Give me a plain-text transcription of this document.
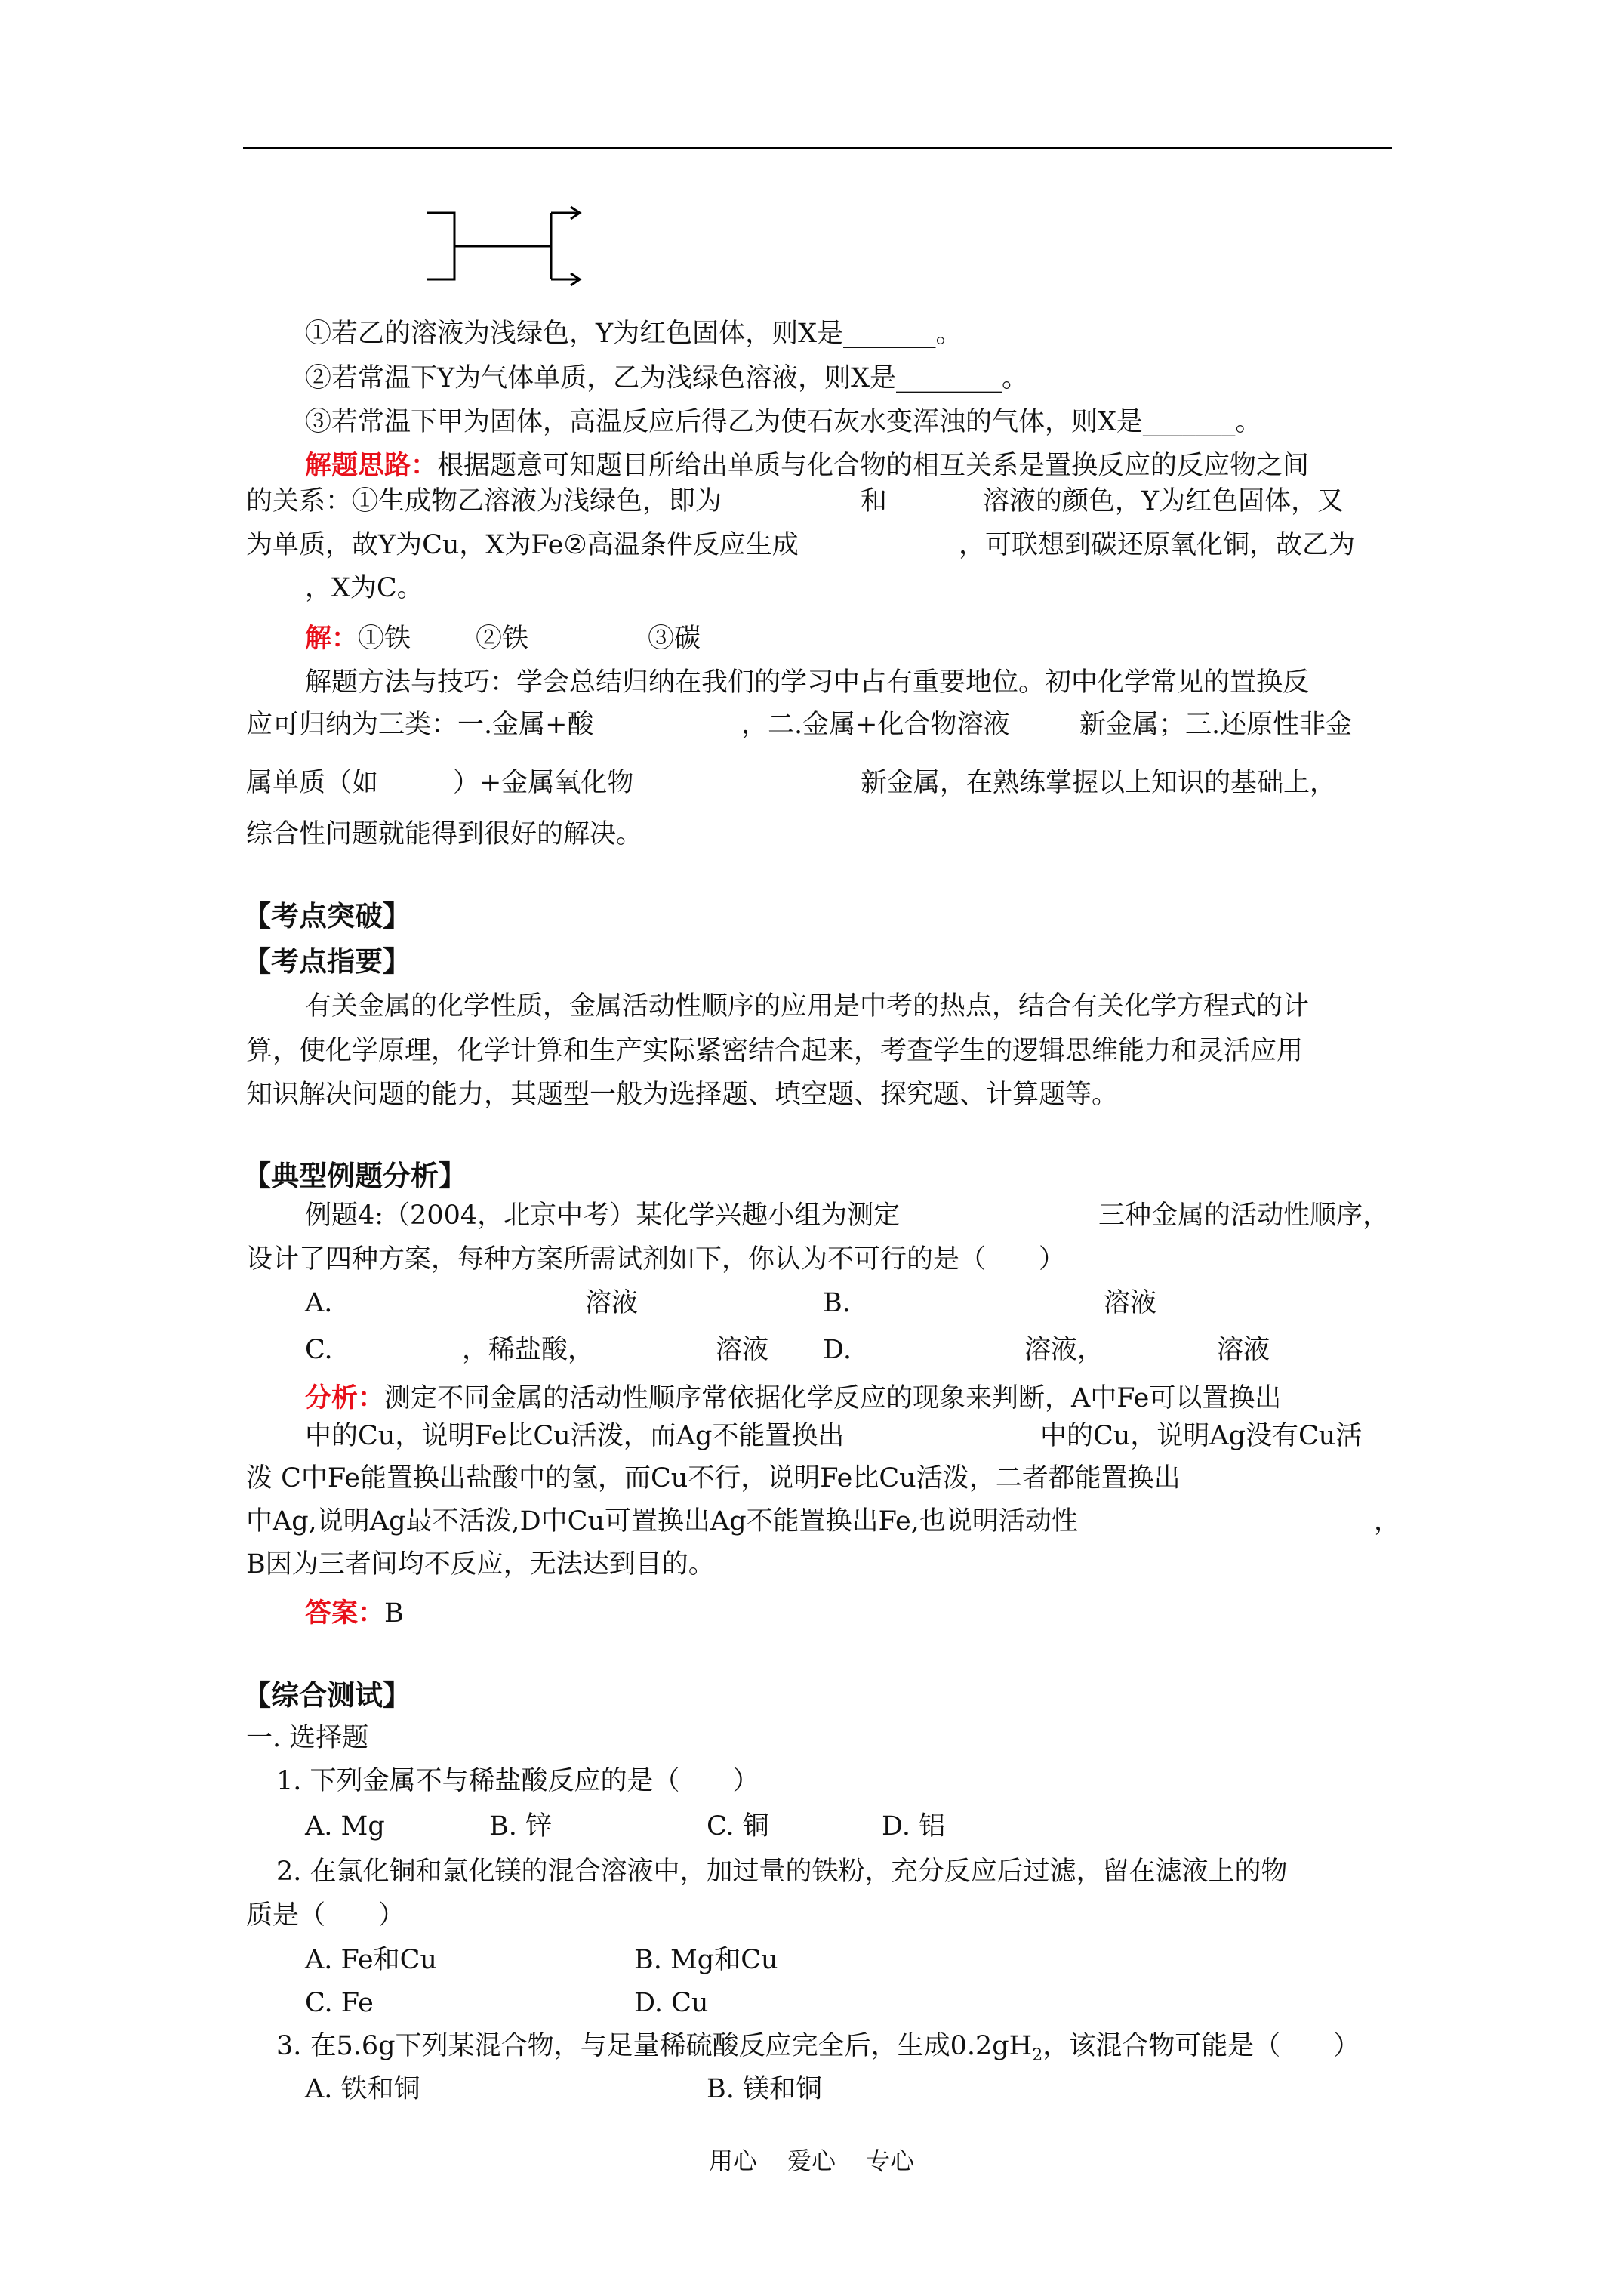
①若乙的溶液为浅绿色，Y为红色固体，则X是_______。
②若常温下Y为气体单质，乙为浅绿色溶液，则X是________。
③若常温下甲为固体，高温反应后得乙为使石灰水变浑浊的气体，则X是_______。
解题思路：根据题意可知题目所给出单质与化合物的相互关系是置换反应的反应物之间
的关系：①生成物乙溶液为浅绿色，即为	和	溶液的颜色，Y为红色固体，又
为单质，故Y为Cu，X为Fe②高温条件反应生成	，可联想到碳还原氧化铜，故乙为
，X为C。
解：①铁 ②铁	③碳
解题方法与技巧：学会总结归纳在我们的学习中占有重要地位。初中化学常见的置换反
应可归纳为三类：一.金属+酸	，二.金属+化合物溶液	新金属；三.还原性非金
属单质（如	）+金属氧化物	新金属，在熟练掌握以上知识的基础上，
综合性问题就能得到很好的解决。
【考点突破】
【考点指要】
有关金属的化学性质，金属活动性顺序的应用是中考的热点，结合有关化学方程式的计
算，使化学原理，化学计算和生产实际紧密结合起来，考查学生的逻辑思维能力和灵活应用
知识解决问题的能力，其题型一般为选择题、填空题、探究题、计算题等。
【典型例题分析】
例题4:（2004，北京中考）某化学兴趣小组为测定	三种金属的活动性顺序，
设计了四种方案，每种方案所需试剂如下，你认为不可行的是（　　）
A.	溶液	B.	溶液
C.	，稀盐酸，	溶液 D.	溶液，	溶液
分析：测定不同金属的活动性顺序常依据化学反应的现象来判断，A中Fe可以置换出
中的Cu，说明Fe比Cu活泼，而Ag不能置换出	中的Cu，说明Ag没有Cu活
泼 C中Fe能置换出盐酸中的氢，而Cu不行，说明Fe比Cu活泼，二者都能置换出
中Ag,说明Ag最不活泼,D中Cu可置换出Ag不能置换出Fe,也说明活动性	，
B因为三者间均不反应，无法达到目的。
答案：B
【综合测试】
一. 选择题
1. 下列金属不与稀盐酸反应的是（　　）
A. Mg	B. 锌	C. 铜	D. 铝
2. 在氯化铜和氯化镁的混合溶液中，加过量的铁粉，充分反应后过滤，留在滤液上的物
质是（　　）
A. Fe和Cu	B. Mg和Cu
C. Fe	D. Cu
3. 在5.6g下列某混合物，与足量稀硫酸反应完全后，生成$0.2gH_2$，该混合物可能是（　　）
A. 铁和铜	B. 镁和铜
用心 爱心 专心
